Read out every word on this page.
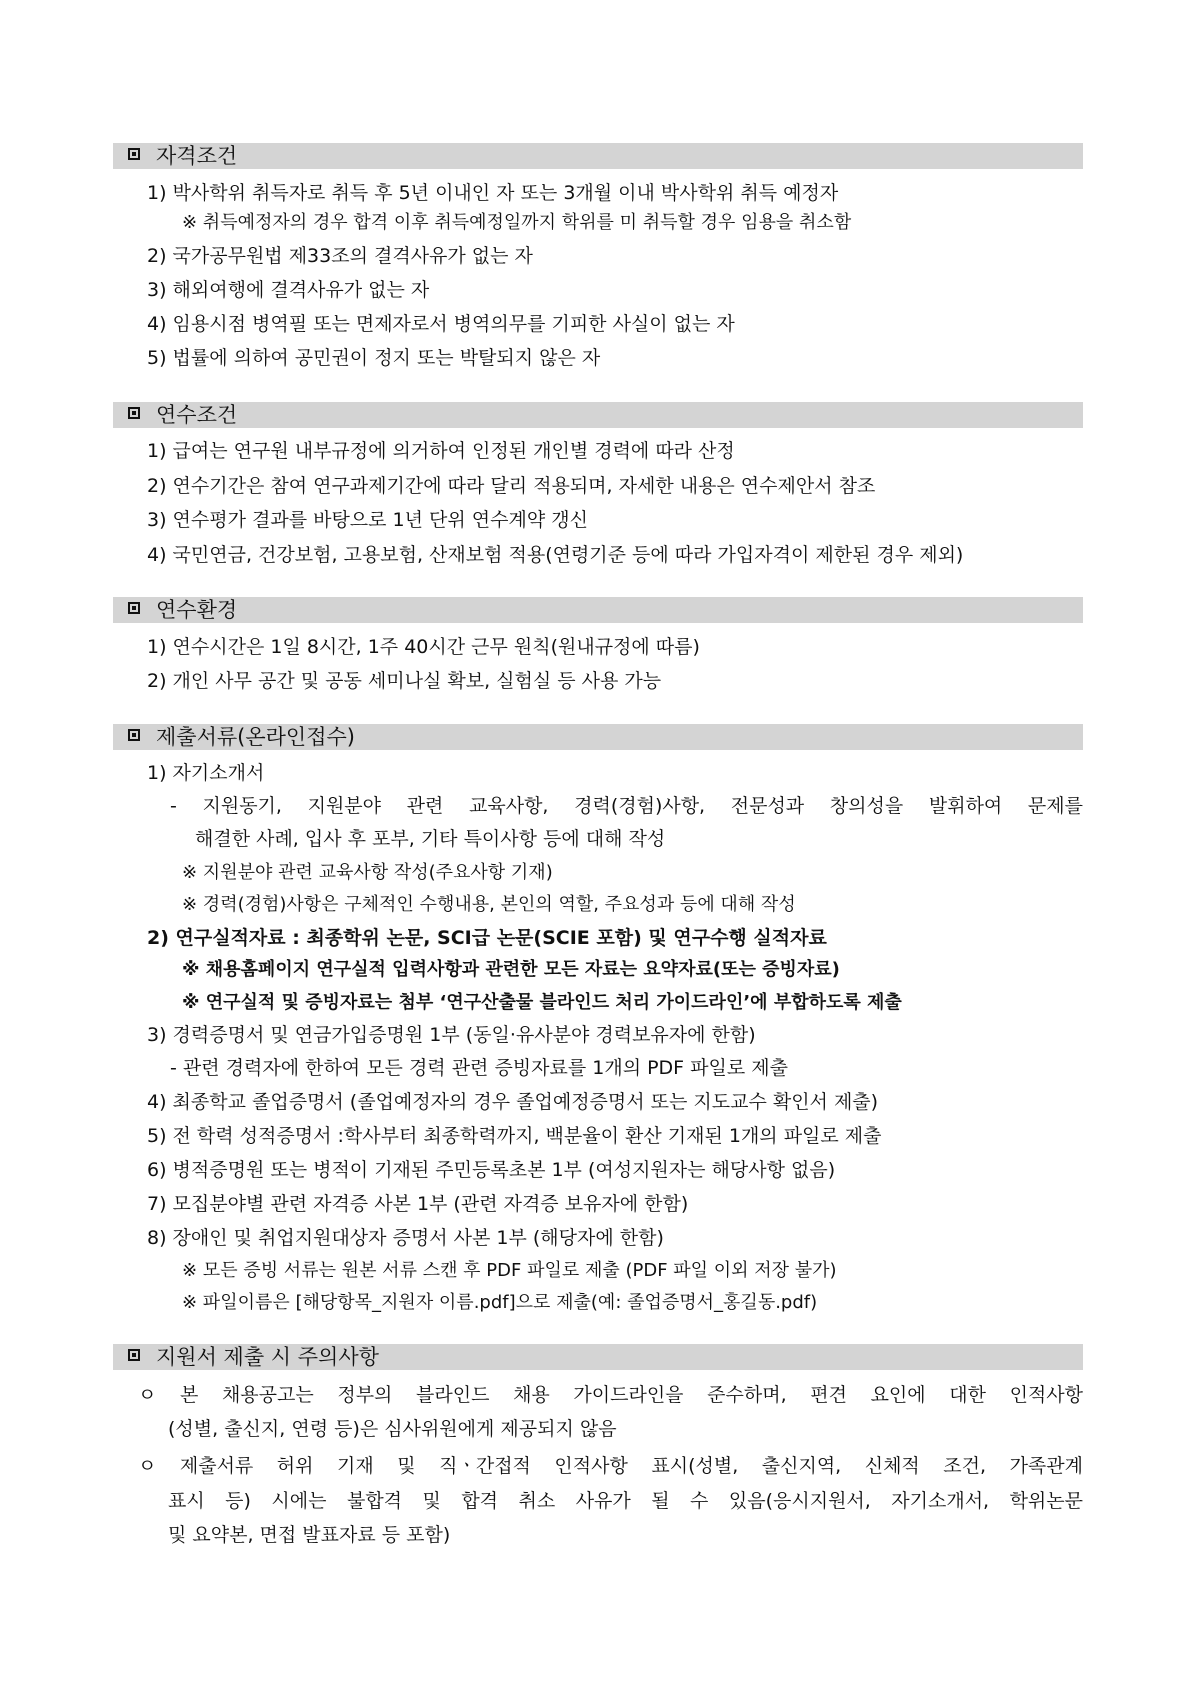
자격조건
1) 박사학위 취득자로 취득 후 5년 이내인 자 또는 3개월 이내 박사학위 취득 예정자
※ 취득예정자의 경우 합격 이후 취득예정일까지 학위를 미 취득할 경우 임용을 취소함
2) 국가공무원법 제33조의 결격사유가 없는 자
3) 해외여행에 결격사유가 없는 자
4) 임용시점 병역필 또는 면제자로서 병역의무를 기피한 사실이 없는 자
5) 법률에 의하여 공민권이 정지 또는 박탈되지 않은 자
연수조건
1) 급여는 연구원 내부규정에 의거하여 인정된 개인별 경력에 따라 산정
2) 연수기간은 참여 연구과제기간에 따라 달리 적용되며, 자세한 내용은 연수제안서 참조
3) 연수평가 결과를 바탕으로 1년 단위 연수계약 갱신
4) 국민연금, 건강보험, 고용보험, 산재보험 적용(연령기준 등에 따라 가입자격이 제한된 경우 제외)
연수환경
1) 연수시간은 1일 8시간, 1주 40시간 근무 원칙(원내규정에 따름)
2) 개인 사무 공간 및 공동 세미나실 확보, 실험실 등 사용 가능
제출서류(온라인접수)
1) 자기소개서
- 지원동기, 지원분야 관련 교육사항, 경력(경험)사항, 전문성과 창의성을 발휘하여 문제를
해결한 사례, 입사 후 포부, 기타 특이사항 등에 대해 작성
※ 지원분야 관련 교육사항 작성(주요사항 기재)
※ 경력(경험)사항은 구체적인 수행내용, 본인의 역할, 주요성과 등에 대해 작성
2) 연구실적자료 : 최종학위 논문, SCI급 논문(SCIE 포함) 및 연구수행 실적자료
※ 채용홈페이지 연구실적 입력사항과 관련한 모든 자료는 요약자료(또는 증빙자료)
※ 연구실적 및 증빙자료는 첨부 ‘연구산출물 블라인드 처리 가이드라인’에 부합하도록 제출
3) 경력증명서 및 연금가입증명원 1부 (동일·유사분야 경력보유자에 한함)
- 관련 경력자에 한하여 모든 경력 관련 증빙자료를 1개의 PDF 파일로 제출
4) 최종학교 졸업증명서 (졸업예정자의 경우 졸업예정증명서 또는 지도교수 확인서 제출)
5) 전 학력 성적증명서 :학사부터 최종학력까지, 백분율이 환산 기재된 1개의 파일로 제출
6) 병적증명원 또는 병적이 기재된 주민등록초본 1부 (여성지원자는 해당사항 없음)
7) 모집분야별 관련 자격증 사본 1부 (관련 자격증 보유자에 한함)
8) 장애인 및 취업지원대상자 증명서 사본 1부 (해당자에 한함)
※ 모든 증빙 서류는 원본 서류 스캔 후 PDF 파일로 제출 (PDF 파일 이외 저장 불가)
※ 파일이름은 [해당항목_지원자 이름.pdf]으로 제출(예: 졸업증명서_홍길동.pdf)
지원서 제출 시 주의사항
ㅇ 본 채용공고는 정부의 블라인드 채용 가이드라인을 준수하며, 편견 요인에 대한 인적사항
(성별, 출신지, 연령 등)은 심사위원에게 제공되지 않음
ㅇ 제출서류 허위 기재 및 직ㆍ간접적 인적사항 표시(성별, 출신지역, 신체적 조건, 가족관계
표시 등) 시에는 불합격 및 합격 취소 사유가 될 수 있음(응시지원서, 자기소개서, 학위논문
및 요약본, 면접 발표자료 등 포함)
